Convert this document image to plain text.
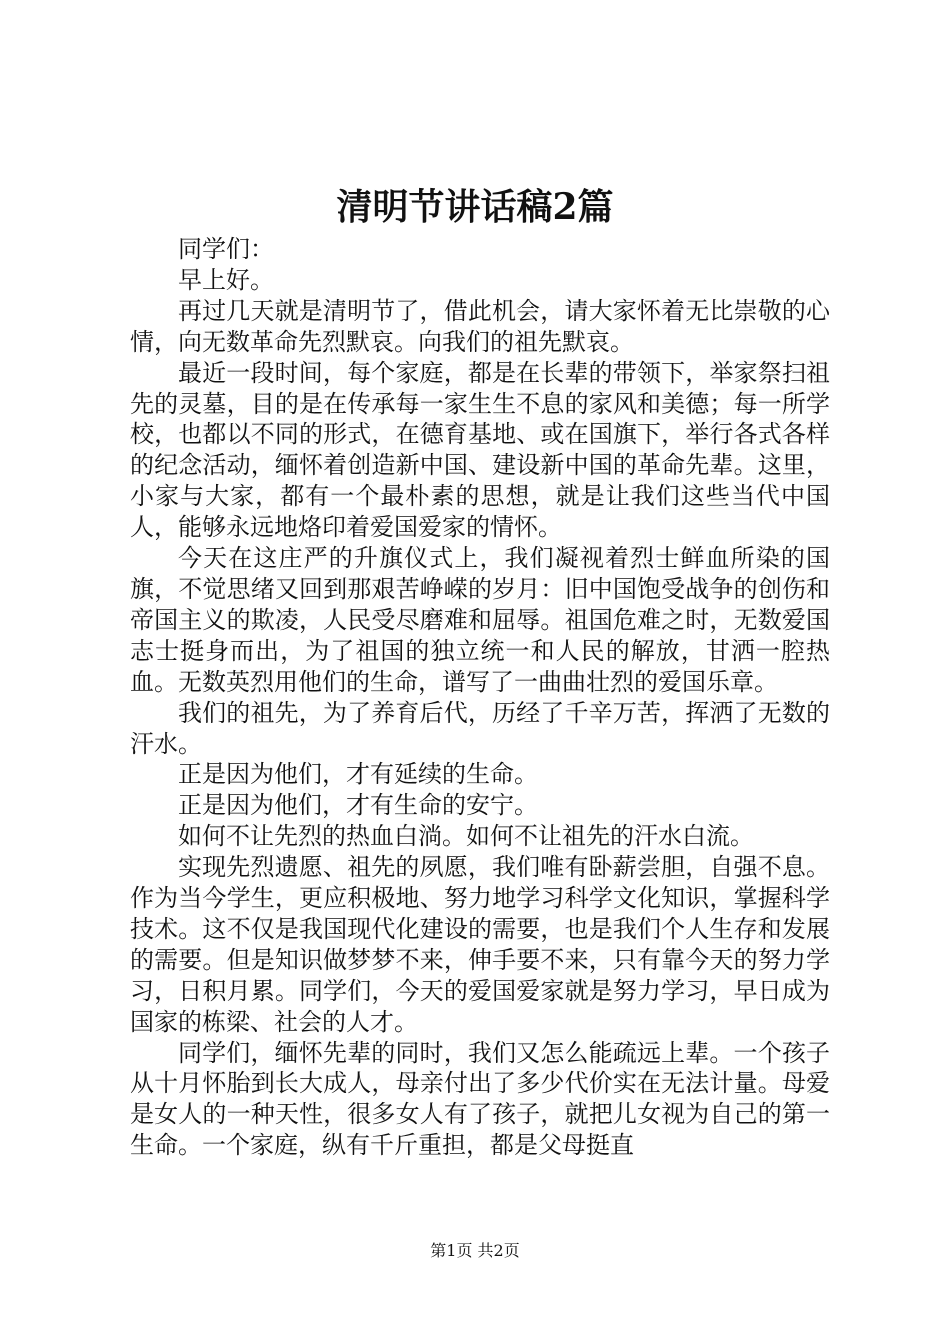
清明节讲话稿2篇

同学们：

早上好。

再过几天就是清明节了，借此机会，请大家怀着无比崇敬的心情，向无数革命先烈默哀。向我们的祖先默哀。

最近一段时间，每个家庭，都是在长辈的带领下，举家祭扫祖先的灵墓，目的是在传承每一家生生不息的家风和美德；每一所学校，也都以不同的形式，在德育基地、或在国旗下，举行各式各样的纪念活动，缅怀着创造新中国、建设新中国的革命先辈。这里，小家与大家，都有一个最朴素的思想，就是让我们这些当代中国人，能够永远地烙印着爱国爱家的情怀。

今天在这庄严的升旗仪式上，我们凝视着烈士鲜血所染的国旗，不觉思绪又回到那艰苦峥嵘的岁月：旧中国饱受战争的创伤和帝国主义的欺凌，人民受尽磨难和屈辱。祖国危难之时，无数爱国志士挺身而出，为了祖国的独立统一和人民的解放，甘洒一腔热血。无数英烈用他们的生命，谱写了一曲曲壮烈的爱国乐章。

我们的祖先，为了养育后代，历经了千辛万苦，挥洒了无数的汗水。

正是因为他们，才有延续的生命。

正是因为他们，才有生命的安宁。

如何不让先烈的热血白淌。如何不让祖先的汗水白流。

实现先烈遗愿、祖先的夙愿，我们唯有卧薪尝胆，自强不息。作为当今学生，更应积极地、努力地学习科学文化知识，掌握科学技术。这不仅是我国现代化建设的需要，也是我们个人生存和发展的需要。但是知识做梦梦不来，伸手要不来，只有靠今天的努力学习，日积月累。同学们，今天的爱国爱家就是努力学习，早日成为国家的栋梁、社会的人才。

同学们，缅怀先辈的同时，我们又怎么能疏远上辈。一个孩子从十月怀胎到长大成人，母亲付出了多少代价实在无法计量。母爱是女人的一种天性，很多女人有了孩子，就把儿女视为自己的第一生命。一个家庭，纵有千斤重担，都是父母挺直

第1页 共2页
